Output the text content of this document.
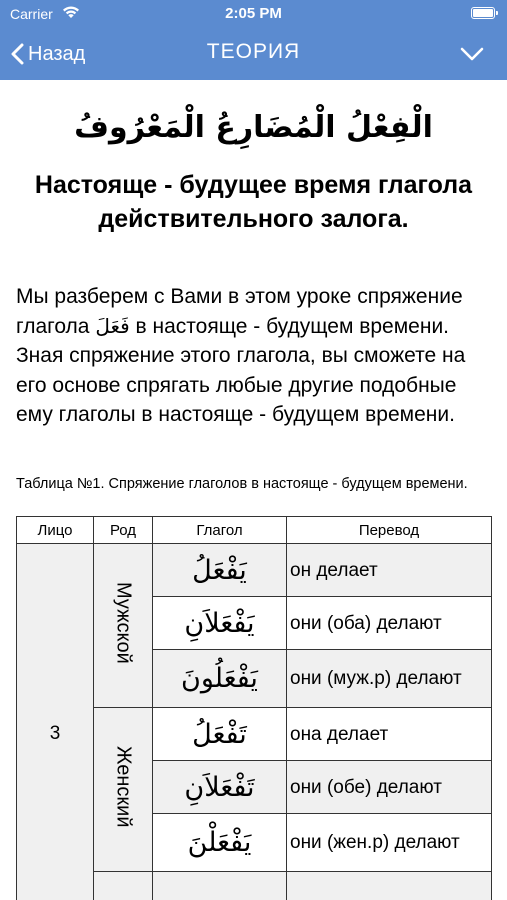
Carrier	2:05 PM
Назад	ТЕОРИЯ
الْفِعْلُ الْمُضَارِعُ الْمَعْرُوفُ
Настояще - будущее время глагола действительного залога.

Мы разберем с Вами в этом уроке спряжение глагола فَعَلَ в настояще - будущем времени. Зная спряжение этого глагола, вы сможете на его основе спрягать любые другие подобные ему глаголы в настояще - будущем времени.

Таблица №1. Спряжение глаголов в настояще - будущем времени.
Лицо	Род	Глагол	Перевод
3	Мужской	يَفْعَلُ	он делает
		يَفْعَلاَنِ	они (оба) делают
		يَفْعَلُونَ	они (муж.р) делают
	Женский	تَفْعَلُ	она делает
		تَفْعَلاَنِ	они (обе) делают
		يَفْعَلْنَ	они (жен.р) делают
